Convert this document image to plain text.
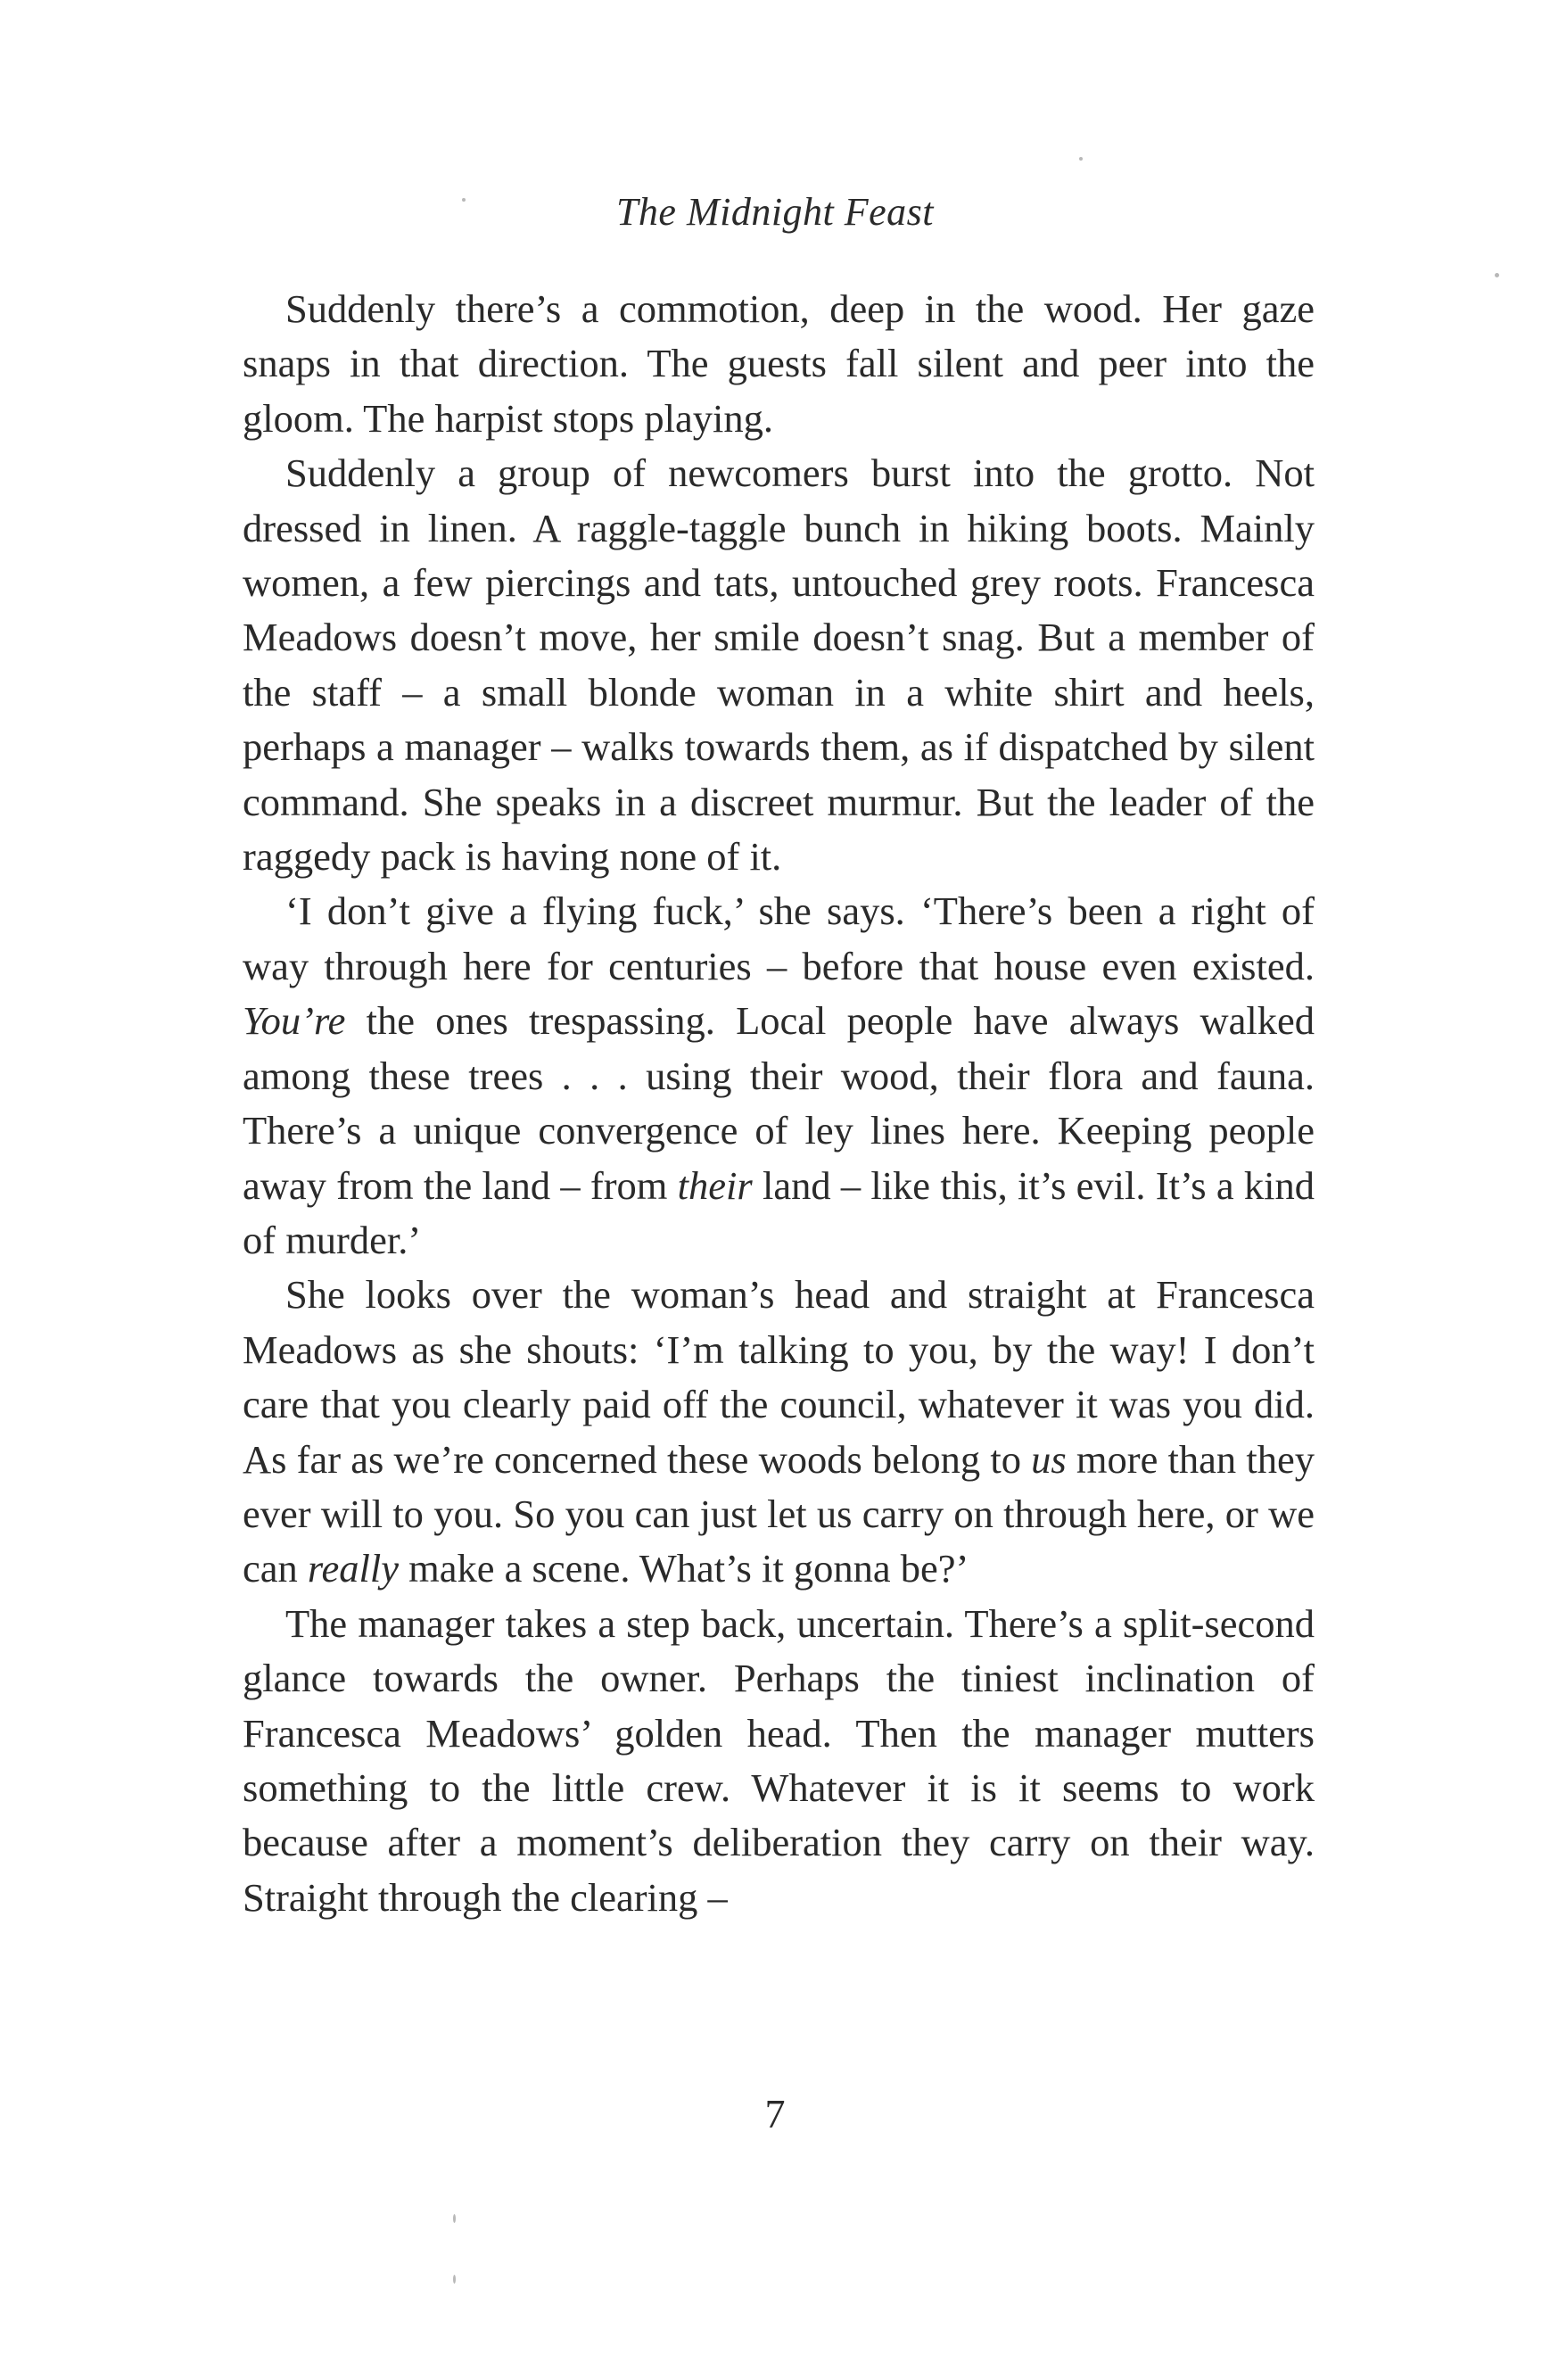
The Midnight Feast

Suddenly there’s a commotion, deep in the wood. Her gaze snaps in that direction. The guests fall silent and peer into the gloom. The harpist stops playing.

Suddenly a group of newcomers burst into the grotto. Not dressed in linen. A raggle-taggle bunch in hiking boots. Mainly women, a few piercings and tats, untouched grey roots. Francesca Meadows doesn’t move, her smile doesn’t snag. But a member of the staff – a small blonde woman in a white shirt and heels, perhaps a manager – walks towards them, as if dispatched by silent command. She speaks in a discreet murmur. But the leader of the raggedy pack is having none of it.

‘I don’t give a flying fuck,’ she says. ‘There’s been a right of way through here for centuries – before that house even existed. You’re the ones trespassing. Local people have always walked among these trees . . . using their wood, their flora and fauna. There’s a unique convergence of ley lines here. Keeping people away from the land – from their land – like this, it’s evil. It’s a kind of murder.’

She looks over the woman’s head and straight at Francesca Meadows as she shouts: ‘I’m talking to you, by the way! I don’t care that you clearly paid off the council, whatever it was you did. As far as we’re concerned these woods belong to us more than they ever will to you. So you can just let us carry on through here, or we can really make a scene. What’s it gonna be?’

The manager takes a step back, uncertain. There’s a split-second glance towards the owner. Perhaps the tiniest inclination of Francesca Meadows’ golden head. Then the manager mutters something to the little crew. Whatever it is it seems to work because after a moment’s deliberation they carry on their way. Straight through the clearing –

7
